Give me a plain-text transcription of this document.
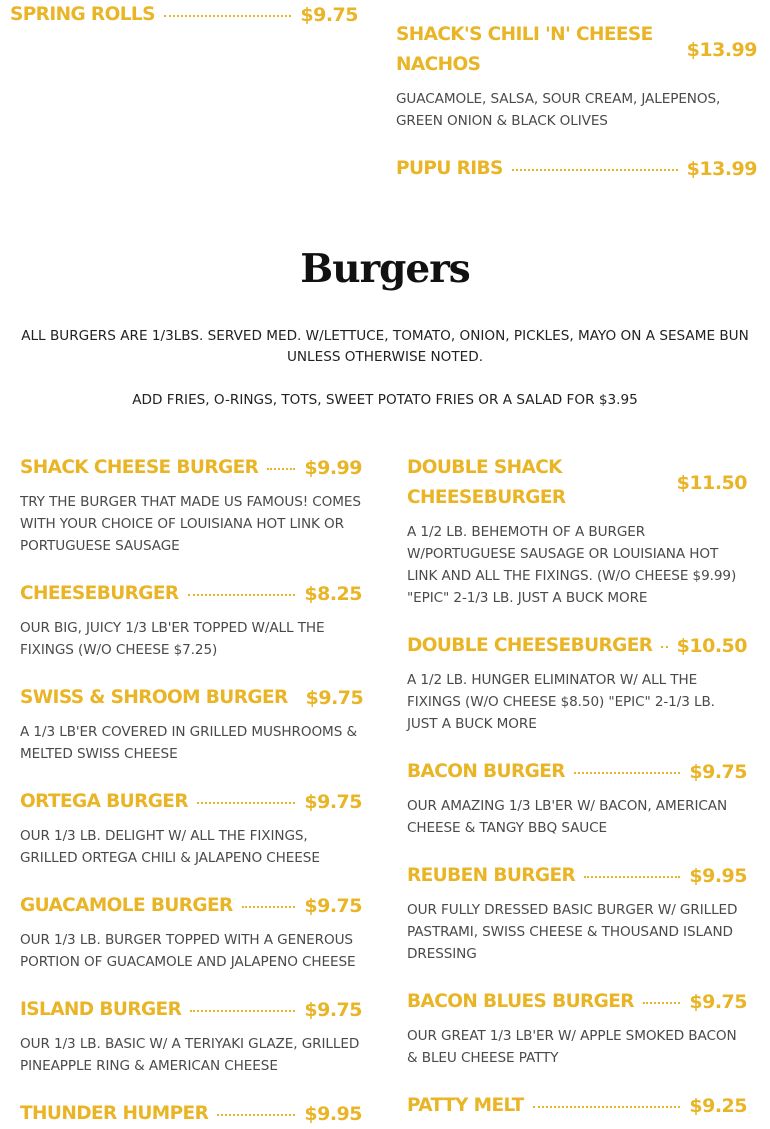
SPRING ROLLS	$9.75
SHACK'S CHILI 'N' CHEESE NACHOS
$13.99
GUACAMOLE, SALSA, SOUR CREAM, JALEPENOS, GREEN ONION & BLACK OLIVES
PUPU RIBS	$13.99
Burgers
ALL BURGERS ARE 1/3LBS. SERVED MED. W/LETTUCE, TOMATO, ONION, PICKLES, MAYO ON A SESAME BUN UNLESS OTHERWISE NOTED.
ADD FRIES, O-RINGS, TOTS, SWEET POTATO FRIES OR A SALAD FOR $3.95
SHACK CHEESE BURGER $9.99
TRY THE BURGER THAT MADE US FAMOUS! COMES WITH YOUR CHOICE OF LOUISIANA HOT LINK OR PORTUGUESE SAUSAGE
CHEESEBURGER	$8.25
OUR BIG, JUICY 1/3 LB'ER TOPPED W/ALL THE FIXINGS (W/O CHEESE $7.25)
SWISS & SHROOM BURGER $9.75
A 1/3 LB'ER COVERED IN GRILLED MUSHROOMS & MELTED SWISS CHEESE
ORTEGA BURGER	$9.75
OUR 1/3 LB. DELIGHT W/ ALL THE FIXINGS, GRILLED ORTEGA CHILI & JALAPENO CHEESE
GUACAMOLE BURGER	$9.75
OUR 1/3 LB. BURGER TOPPED WITH A GENEROUS PORTION OF GUACAMOLE AND JALAPENO CHEESE
ISLAND BURGER	$9.75
OUR 1/3 LB. BASIC W/ A TERIYAKI GLAZE, GRILLED PINEAPPLE RING & AMERICAN CHEESE
THUNDER HUMPER	$9.95
DOUBLE SHACK CHEESEBURGER
$11.50
A 1/2 LB. BEHEMOTH OF A BURGER W/PORTUGUESE SAUSAGE OR LOUISIANA HOT LINK AND ALL THE FIXINGS. (W/O CHEESE $9.99) "EPIC" 2-1/3 LB. JUST A BUCK MORE
DOUBLE CHEESEBURGER $10.50
A 1/2 LB. HUNGER ELIMINATOR W/ ALL THE FIXINGS (W/O CHEESE $8.50) "EPIC" 2-1/3 LB. JUST A BUCK MORE
BACON BURGER	$9.75
OUR AMAZING 1/3 LB'ER W/ BACON, AMERICAN CHEESE & TANGY BBQ SAUCE
REUBEN BURGER	$9.95
OUR FULLY DRESSED BASIC BURGER W/ GRILLED PASTRAMI, SWISS CHEESE & THOUSAND ISLAND DRESSING
BACON BLUES BURGER	$9.75
OUR GREAT 1/3 LB'ER W/ APPLE SMOKED BACON & BLEU CHEESE PATTY
PATTY MELT	$9.25
